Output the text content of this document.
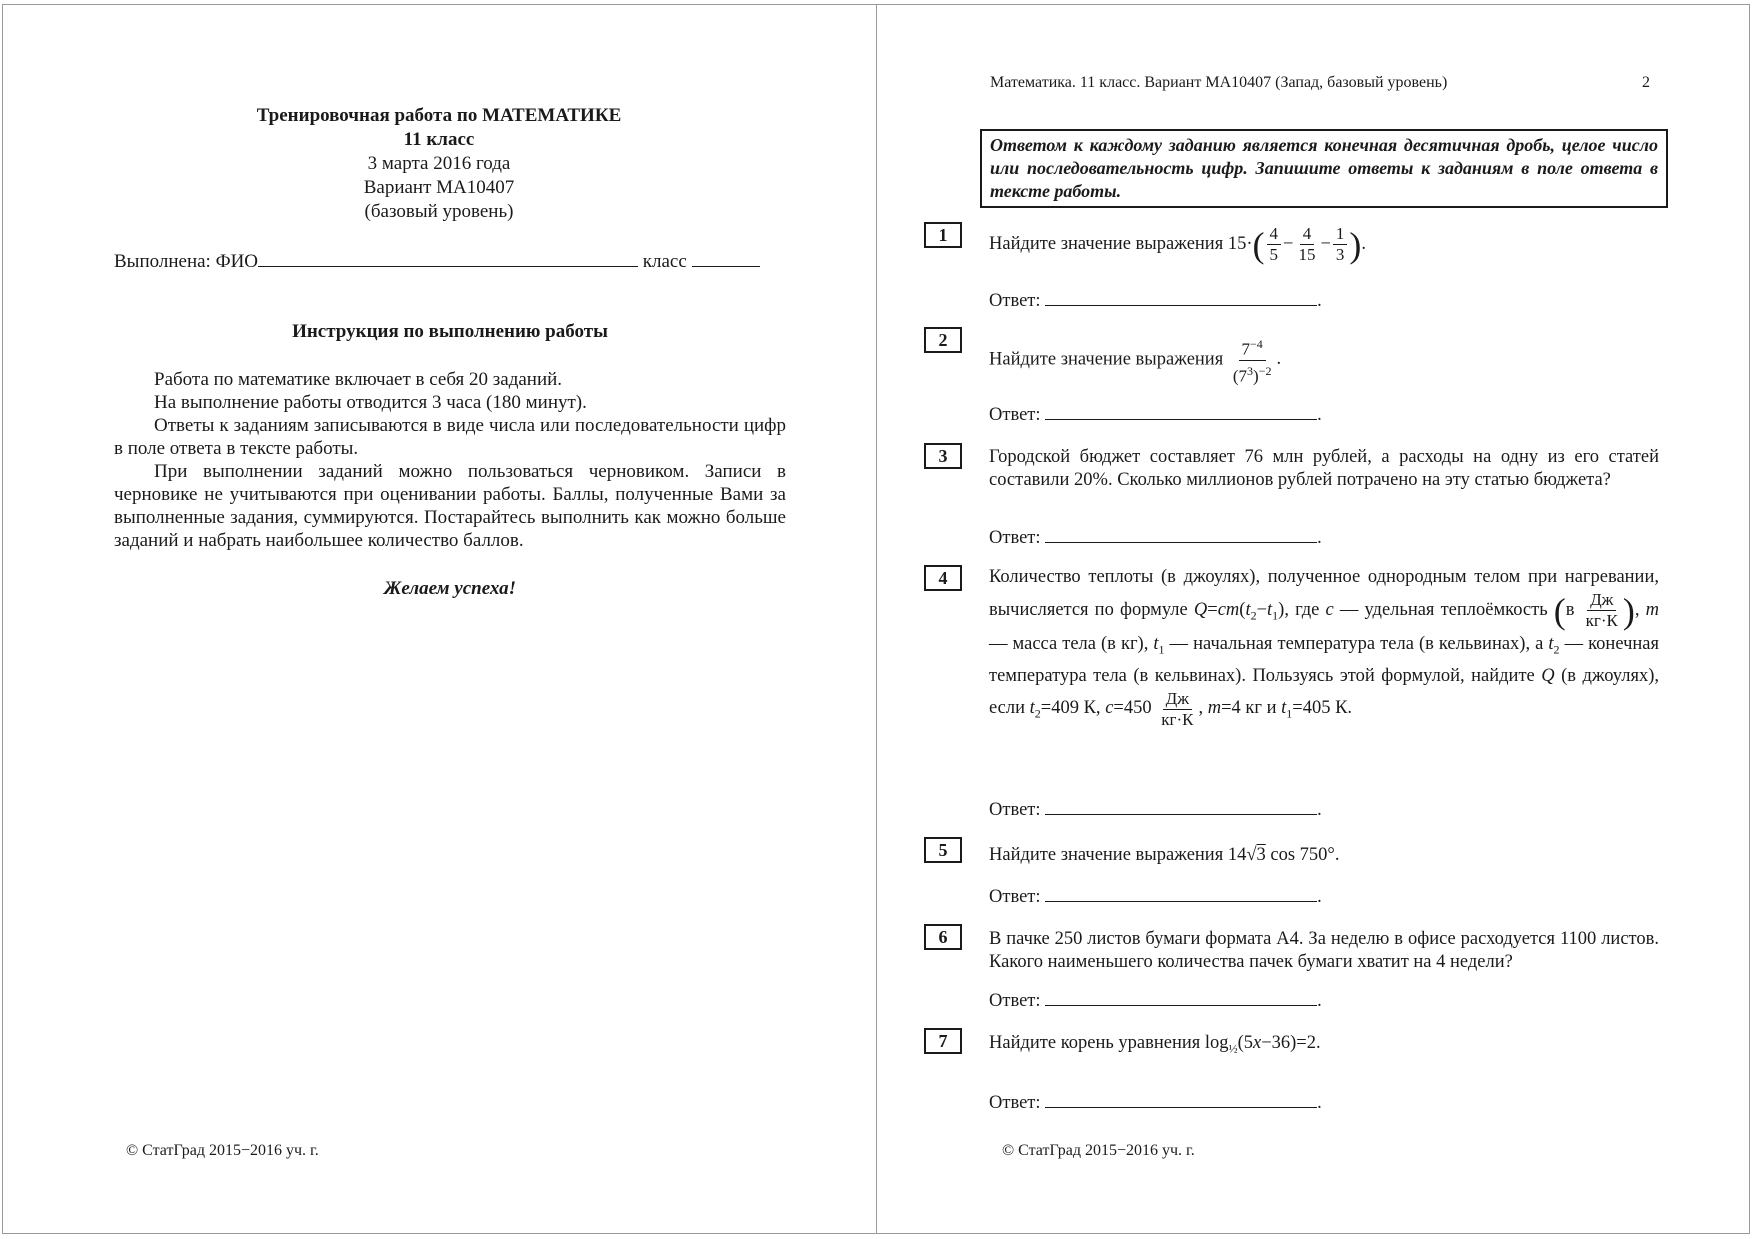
Тренировочная работа по МАТЕМАТИКЕ
11 класс
3 марта 2016 года
Вариант МА10407
(базовый уровень)
Выполнена: ФИО	класс
Инструкция по выполнению работы

Работа по математике включает в себя 20 заданий.

На выполнение работы отводится 3 часа (180 минут).

Ответы к заданиям записываются в виде числа или последовательности цифр в поле ответа в тексте работы.

При выполнении заданий можно пользоваться черновиком. Записи в черновике не учитываются при оценивании работы. Баллы, полученные Вами за выполненные задания, суммируются. Постарайтесь выполнить как можно больше заданий и набрать наибольшее количество баллов.

Желаем успеха!
© СтатГрад 2015−2016 уч. г.
Математика. 11 класс. Вариант МА10407 (Запад, базовый уровень)	2
Ответом к каждому заданию является конечная десятичная дробь, целое число или последовательность цифр. Запишите ответы к заданиям в поле ответа в тексте работы.
1	Найдите значение выражения $15\cdot( \frac{4}{5} - \frac{4}{15} - \frac{1}{3}$ ).
Ответ:	.
2
Найдите значение выражения $\frac{7^{-4}}{(7^3)^{-2}}$ .
Ответ:	.
3	Городской бюджет составляет 76 млн рублей, а расходы на одну из его статей составили 20%. Сколько миллионов рублей потрачено на эту статью бюджета?
Ответ:	.
4	Количество теплоты (в джоулях), полученное однородным телом при нагревании, вычисляется по формуле $Q=cm(t_2-t_1)$, где c — удельная теплоёмкость ($в \frac{Дж}{кг\cdot К}$ ), m — масса тела (в кг), $t_1$ — начальная температура тела (в кельвинах), а $t_2$ — конечная температура тела (в кельвинах). Пользуясь этой формулой, найдите Q (в джоулях), если $t_2=409$ К, $c=450 \frac{Дж}{кг\cdot К}$ , m=4 кг и $t_1=405$ К.
Ответ:	.
5	Найдите значение выражения 14√3 cos 750°.
Ответ:	.
6	В пачке 250 листов бумаги формата А4. За неделю в офисе расходуется 1100 листов. Какого наименьшего количества пачек бумаги хватит на 4 недели?
Ответ:	.
7	Найдите корень уравнения $\log_{\frac{1}{2}}(5x-36)=2$.
Ответ:	.
© СтатГрад 2015−2016 уч. г.
